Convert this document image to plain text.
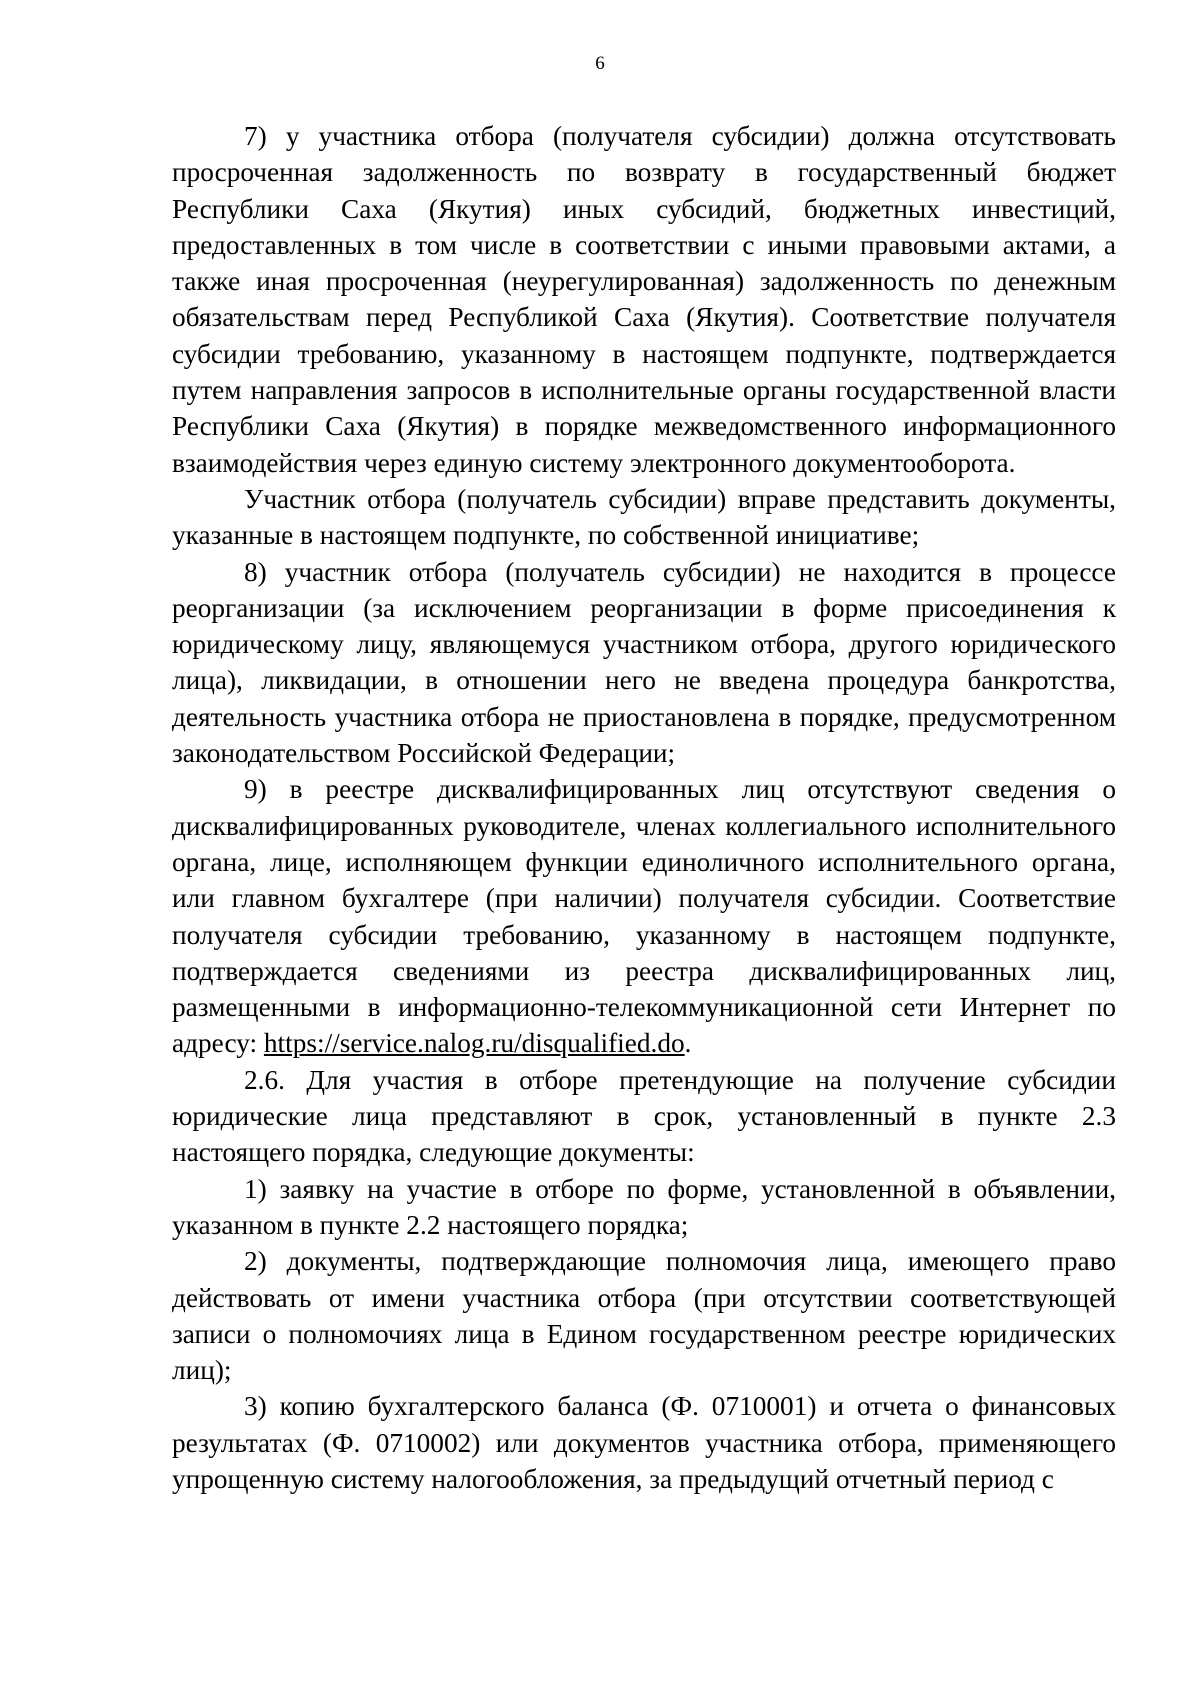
6

7) у участника отбора (получателя субсидии) должна отсутствовать просроченная задолженность по возврату в государственный бюджет Республики Саха (Якутия) иных субсидий, бюджетных инвестиций, предоставленных в том числе в соответствии с иными правовыми актами, а также иная просроченная (неурегулированная) задолженность по денежным обязательствам перед Республикой Саха (Якутия). Соответствие получателя субсидии требованию, указанному в настоящем подпункте, подтверждается путем направления запросов в исполнительные органы государственной власти Республики Саха (Якутия) в порядке межведомственного информационного взаимодействия через единую систему электронного документооборота.

Участник отбора (получатель субсидии) вправе представить документы, указанные в настоящем подпункте, по собственной инициативе;

8) участник отбора (получатель субсидии) не находится в процессе реорганизации (за исключением реорганизации в форме присоединения к юридическому лицу, являющемуся участником отбора, другого юридического лица), ликвидации, в отношении него не введена процедура банкротства, деятельность участника отбора не приостановлена в порядке, предусмотренном законодательством Российской Федерации;

9) в реестре дисквалифицированных лиц отсутствуют сведения о дисквалифицированных руководителе, членах коллегиального исполнительного органа, лице, исполняющем функции единоличного исполнительного органа, или главном бухгалтере (при наличии) получателя субсидии. Соответствие получателя субсидии требованию, указанному в настоящем подпункте, подтверждается сведениями из реестра дисквалифицированных лиц, размещенными в информационно-телекоммуникационной сети Интернет по адресу: https://service.nalog.ru/disqualified.do.

2.6. Для участия в отборе претендующие на получение субсидии юридические лица представляют в срок, установленный в пункте 2.3 настоящего порядка, следующие документы:

1) заявку на участие в отборе по форме, установленной в объявлении, указанном в пункте 2.2 настоящего порядка;

2) документы, подтверждающие полномочия лица, имеющего право действовать от имени участника отбора (при отсутствии соответствующей записи о полномочиях лица в Едином государственном реестре юридических лиц);

3) копию бухгалтерского баланса (Ф. 0710001) и отчета о финансовых результатах (Ф. 0710002) или документов участника отбора, применяющего упрощенную систему налогообложения, за предыдущий отчетный период с
